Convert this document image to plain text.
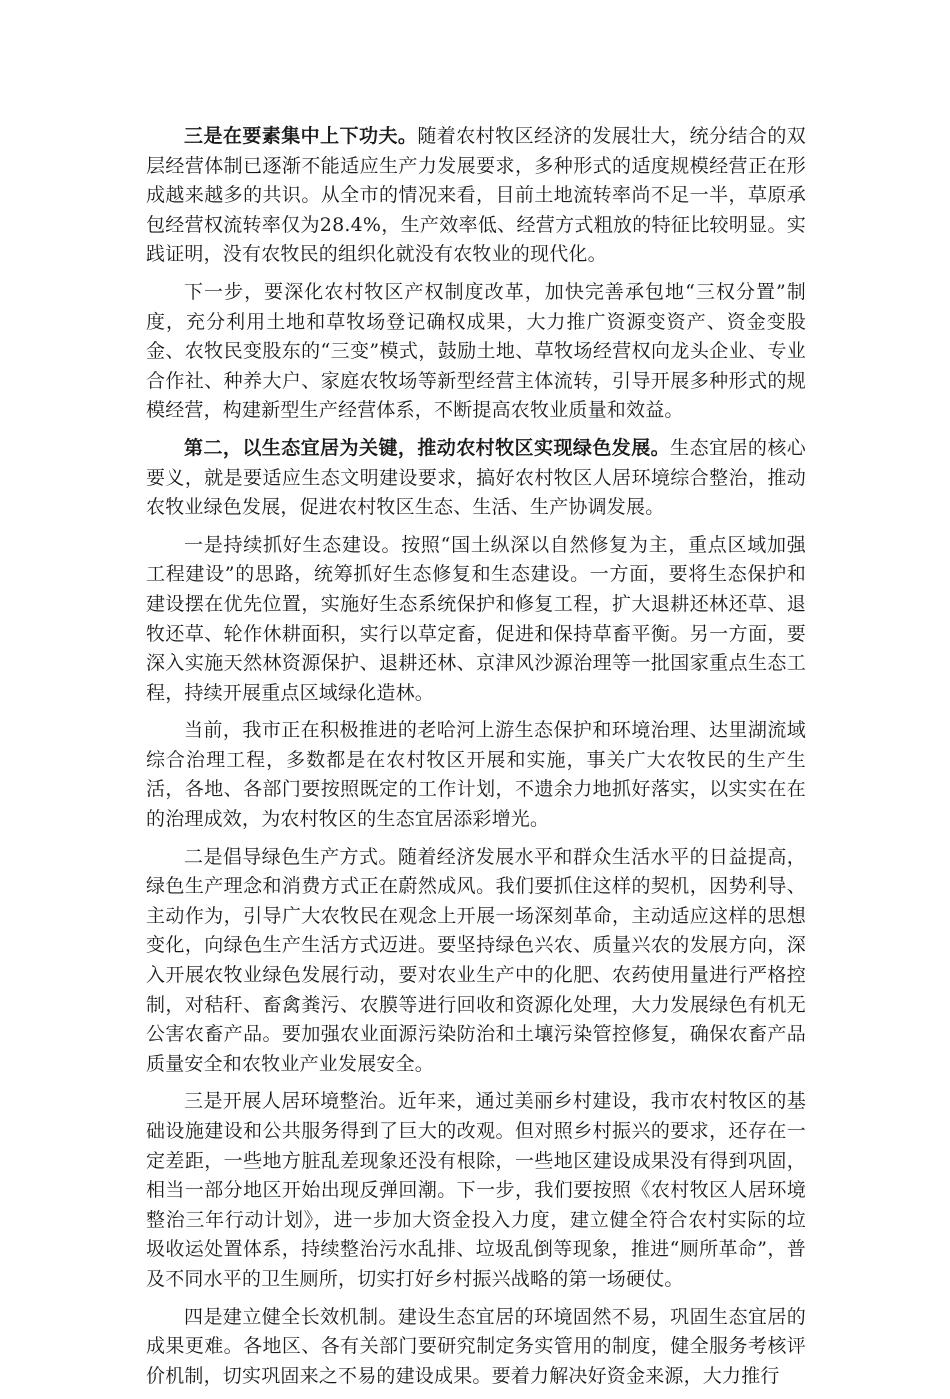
三是在要素集中上下功夫。随着农村牧区经济的发展壮大，统分结合的双层经营体制已逐渐不能适应生产力发展要求，多种形式的适度规模经营正在形成越来越多的共识。从全市的情况来看，目前土地流转率尚不足一半，草原承包经营权流转率仅为28.4%，生产效率低、经营方式粗放的特征比较明显。实践证明，没有农牧民的组织化就没有农牧业的现代化。

下一步，要深化农村牧区产权制度改革，加快完善承包地“三权分置”制度，充分利用土地和草牧场登记确权成果，大力推广资源变资产、资金变股金、农牧民变股东的“三变”模式，鼓励土地、草牧场经营权向龙头企业、专业合作社、种养大户、家庭农牧场等新型经营主体流转，引导开展多种形式的规模经营，构建新型生产经营体系，不断提高农牧业质量和效益。

第二，以生态宜居为关键，推动农村牧区实现绿色发展。生态宜居的核心要义，就是要适应生态文明建设要求，搞好农村牧区人居环境综合整治，推动农牧业绿色发展，促进农村牧区生态、生活、生产协调发展。

一是持续抓好生态建设。按照“国土纵深以自然修复为主，重点区域加强工程建设”的思路，统筹抓好生态修复和生态建设。一方面，要将生态保护和建设摆在优先位置，实施好生态系统保护和修复工程，扩大退耕还林还草、退牧还草、轮作休耕面积，实行以草定畜，促进和保持草畜平衡。另一方面，要深入实施天然林资源保护、退耕还林、京津风沙源治理等一批国家重点生态工程，持续开展重点区域绿化造林。

当前，我市正在积极推进的老哈河上游生态保护和环境治理、达里湖流域综合治理工程，多数都是在农村牧区开展和实施，事关广大农牧民的生产生活，各地、各部门要按照既定的工作计划，不遗余力地抓好落实，以实实在在的治理成效，为农村牧区的生态宜居添彩增光。

二是倡导绿色生产方式。随着经济发展水平和群众生活水平的日益提高，绿色生产理念和消费方式正在蔚然成风。我们要抓住这样的契机，因势利导、主动作为，引导广大农牧民在观念上开展一场深刻革命，主动适应这样的思想变化，向绿色生产生活方式迈进。要坚持绿色兴农、质量兴农的发展方向，深入开展农牧业绿色发展行动，要对农业生产中的化肥、农药使用量进行严格控制，对秸秆、畜禽粪污、农膜等进行回收和资源化处理，大力发展绿色有机无公害农畜产品。要加强农业面源污染防治和土壤污染管控修复，确保农畜产品质量安全和农牧业产业发展安全。

三是开展人居环境整治。近年来，通过美丽乡村建设，我市农村牧区的基础设施建设和公共服务得到了巨大的改观。但对照乡村振兴的要求，还存在一定差距，一些地方脏乱差现象还没有根除，一些地区建设成果没有得到巩固，相当一部分地区开始出现反弹回潮。下一步，我们要按照《农村牧区人居环境整治三年行动计划》，进一步加大资金投入力度，建立健全符合农村实际的垃圾收运处置体系，持续整治污水乱排、垃圾乱倒等现象，推进“厕所革命”，普及不同水平的卫生厕所，切实打好乡村振兴战略的第一场硬仗。

四是建立健全长效机制。建设生态宜居的环境固然不易，巩固生态宜居的成果更难。各地区、各有关部门要研究制定务实管用的制度，健全服务考核评价机制，切实巩固来之不易的建设成果。要着力解决好资金来源，大力推行
